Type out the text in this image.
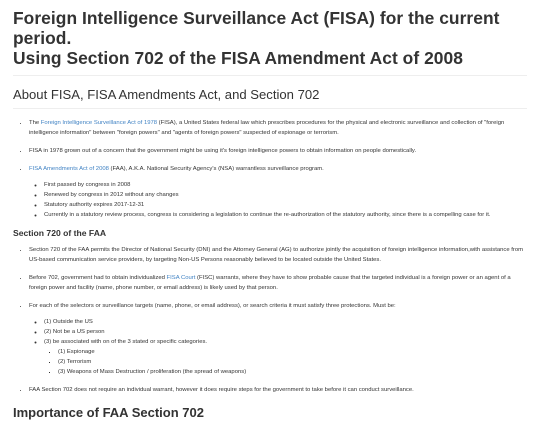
Foreign Intelligence Surveillance Act (FISA) for the current period.
Using Section 702 of the FISA Amendment Act of 2008
About FISA, FISA Amendments Act, and Section 702
• The Foreign Intelligence Surveillance Act of 1978 (FISA), a United States federal law which prescribes procedures for the physical and electronic surveillance and collection of "foreign intelligence information" between "foreign powers" and "agents of foreign powers" suspected of espionage or terrorism.
• FISA in 1978 grown out of a concern that the government might be using it's foreign intelligence powers to obtain information on people domestically.
• FISA Amendments Act of 2008 (FAA), A.K.A. National Security Agency's (NSA) warrantless surveillance program.
◦ First passed by congress in 2008
◦ Renewed by congress in 2012 without any changes
◦ Statutory authority expires 2017-12-31
◦ Currently in a statutory review process, congress is considering a legislation to continue the re-authorization of the statutory authority, since there is a compelling case for it.
Section 720 of the FAA
• Section 720 of the FAA permits the Director of National Security (DNI) and the Attorney General (AG) to authorize jointly the acquisition of foreign intelligence information,with assistance from US-based communication service providers, by targeting Non-US Persons reasonably believed to be located outside the United States.
• Before 702, government had to obtain individualized FISA Court (FISC) warrants, where they have to show probable cause that the targeted individual is a foreign power or an agent of a foreign power and facility (name, phone number, or email address) is likely used by that person.
• For each of the selectors or surveillance targets (name, phone, or email address), or search criteria it must satisfy three protections. Must be:
◦ (1) Outside the US
◦ (2) Not be a US person
◦ (3) be associated with on of the 3 stated or specific categories.
▪ (1) Espionage
▪ (2) Terrorism
▪ (3) Weapons of Mass Destruction / proliferation (the spread of weapons)
• FAA Section 702 does not require an individual warrant, however it does require steps for the government to take before it can conduct surveillance.
Importance of FAA Section 702
